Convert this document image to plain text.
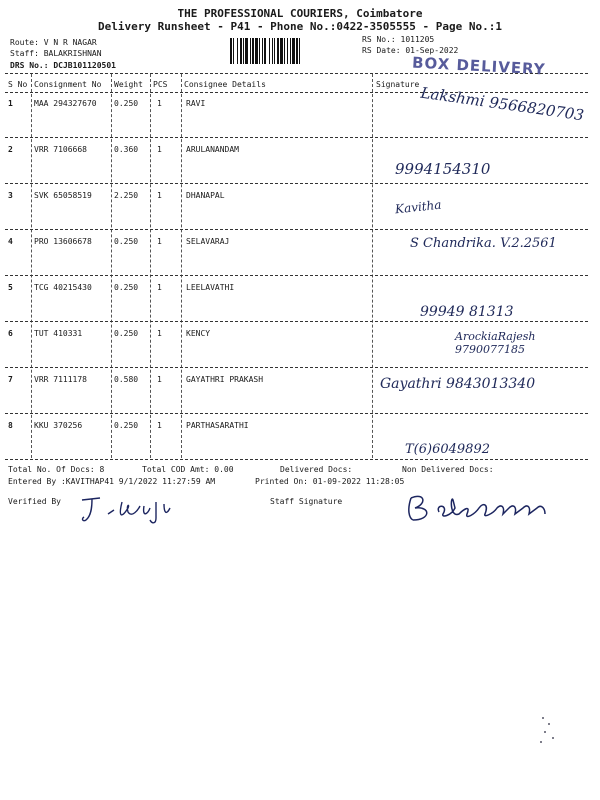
THE PROFESSIONAL COURIERS, Coimbatore
Delivery Runsheet - P41 - Phone No.:0422-3505555 - Page No.:1
Route: V N R NAGAR
Staff: BALAKRISHNAN
DRS No.: DCJB101120501
RS No.: 1011205
RS Date: 01-Sep-2022
BOX DELIVERY
S No Consignment No Weight PCS Consignee Details	Signature
1	MAA 294327670 0.250 1	RAVI	Lakshmi 9566820703
2	VRR 7106668	0.360 1	ARULANANDAM
9994154310
3	SVK 65058519	2.250 1	DHANAPAL
Kavitha
4	PRO 13606678	0.250 1	SELAVARAJ	S Chandrika. V.2.2561
5	TCG 40215430	0.250 1	LEELAVATHI
99949 81313
6	TUT 410331	0.250 1	KENCY	ArockiaRajesh 9790077185
7	VRR 7111178	0.580 1	GAYATHRI PRAKASH	Gayathri 9843013340
8	KKU 370256	0.250 1	PARTHASARATHI
T(6)6049892
Total No. Of Docs: 8	Total COD Amt: 0.00	Delivered Docs:	Non Delivered Docs:
Entered By :KAVITHAP41 9/1/2022 11:27:59 AM	Printed On: 01-09-2022 11:28:05
Verified By	Staff Signature
